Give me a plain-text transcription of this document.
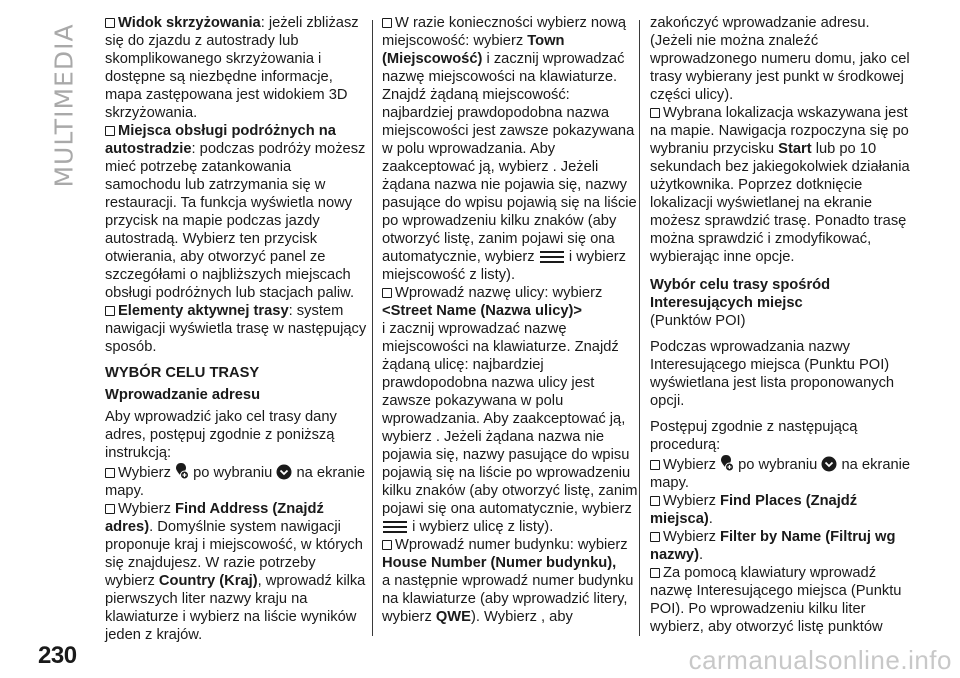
MULTIMEDIA	Widok skrzyżowania: jeżeli zbliżasz się do zjazdu z autostrady lub skomplikowanego skrzyżowania i dostępne są niezbędne informacje, mapa zastępowana jest widokiem 3D skrzyżowania.

Miejsca obsługi podróżnych na autostradzie: podczas podróży możesz mieć potrzebę zatankowania samochodu lub zatrzymania się w restauracji. Ta funkcja wyświetla nowy przycisk na mapie podczas jazdy autostradą. Wybierz ten przycisk otwierania, aby otworzyć panel ze szczegółami o najbliższych miejscach obsługi podróżnych lub stacjach paliw.

Elementy aktywnej trasy: system nawigacji wyświetla trasę w następujący sposób.

WYBÓR CELU TRASY

Wprowadzanie adresu

Aby wprowadzić jako cel trasy dany adres, postępuj zgodnie z poniższą instrukcją:

Wybierz po wybraniu na ekranie mapy.

Wybierz Find Address (Znajdź adres). Domyślnie system nawigacji proponuje kraj i miejscowość, w których się znajdujesz. W razie potrzeby wybierz Country (Kraj), wprowadź kilka pierwszych liter nazwy kraju na klawiaturze i wybierz na liście wyników jeden z krajów.

W razie konieczności wybierz nową miejscowość: wybierz Town (Miejscowość) i zacznij wprowadzać nazwę miejscowości na klawiaturze. Znajdź żądaną miejscowość: najbardziej prawdopodobna nazwa miejscowości jest zawsze pokazywana w polu wprowadzania. Aby zaakceptować ją, wybierz . Jeżeli żądana nazwa nie pojawia się, nazwy pasujące do wpisu pojawią się na liście po wprowadzeniu kilku znaków (aby otworzyć listę, zanim pojawi się ona automatycznie, wybierz i wybierz miejscowość z listy).

Wprowadź nazwę ulicy: wybierz

<Street Name (Nazwa ulicy)>

i zacznij wprowadzać nazwę miejscowości na klawiaturze. Znajdź żądaną ulicę: najbardziej prawdopodobna nazwa ulicy jest zawsze pokazywana w polu wprowadzania. Aby zaakceptować ją, wybierz . Jeżeli żądana nazwa nie pojawia się, nazwy pasujące do wpisu pojawią się na liście po wprowadzeniu kilku znaków (aby otworzyć listę, zanim pojawi się ona automatycznie, wybierz  i wybierz ulicę z listy).

Wprowadź numer budynku: wybierz

House Number (Numer budynku),

a następnie wprowadź numer budynku na klawiaturze (aby wprowadzić litery, wybierz QWE). Wybierz , aby

zakończyć wprowadzanie adresu. (Jeżeli nie można znaleźć wprowadzonego numeru domu, jako cel trasy wybierany jest punkt w środkowej części ulicy).

Wybrana lokalizacja wskazywana jest na mapie. Nawigacja rozpoczyna się po wybraniu przycisku Start lub po 10 sekundach bez jakiegokolwiek działania użytkownika. Poprzez dotknięcie lokalizacji wyświetlanej na ekranie możesz sprawdzić trasę. Ponadto trasę można sprawdzić i zmodyfikować, wybierając inne opcje.

Wybór celu trasy spośród Interesujących miejsc

(Punktów POI)

Podczas wprowadzania nazwy Interesującego miejsca (Punktu POI) wyświetlana jest lista proponowanych opcji.

Postępuj zgodnie z następującą procedurą:

Wybierz po wybraniu na ekranie mapy.

Wybierz Find Places (Znajdź miejsca).

Wybierz Filter by Name (Filtruj wg nazwy).

Za pomocą klawiatury wprowadź nazwę Interesującego miejsca (Punktu POI). Po wprowadzeniu kilku liter wybierz, aby otworzyć listę punktów

230	carmanualsonline.info
